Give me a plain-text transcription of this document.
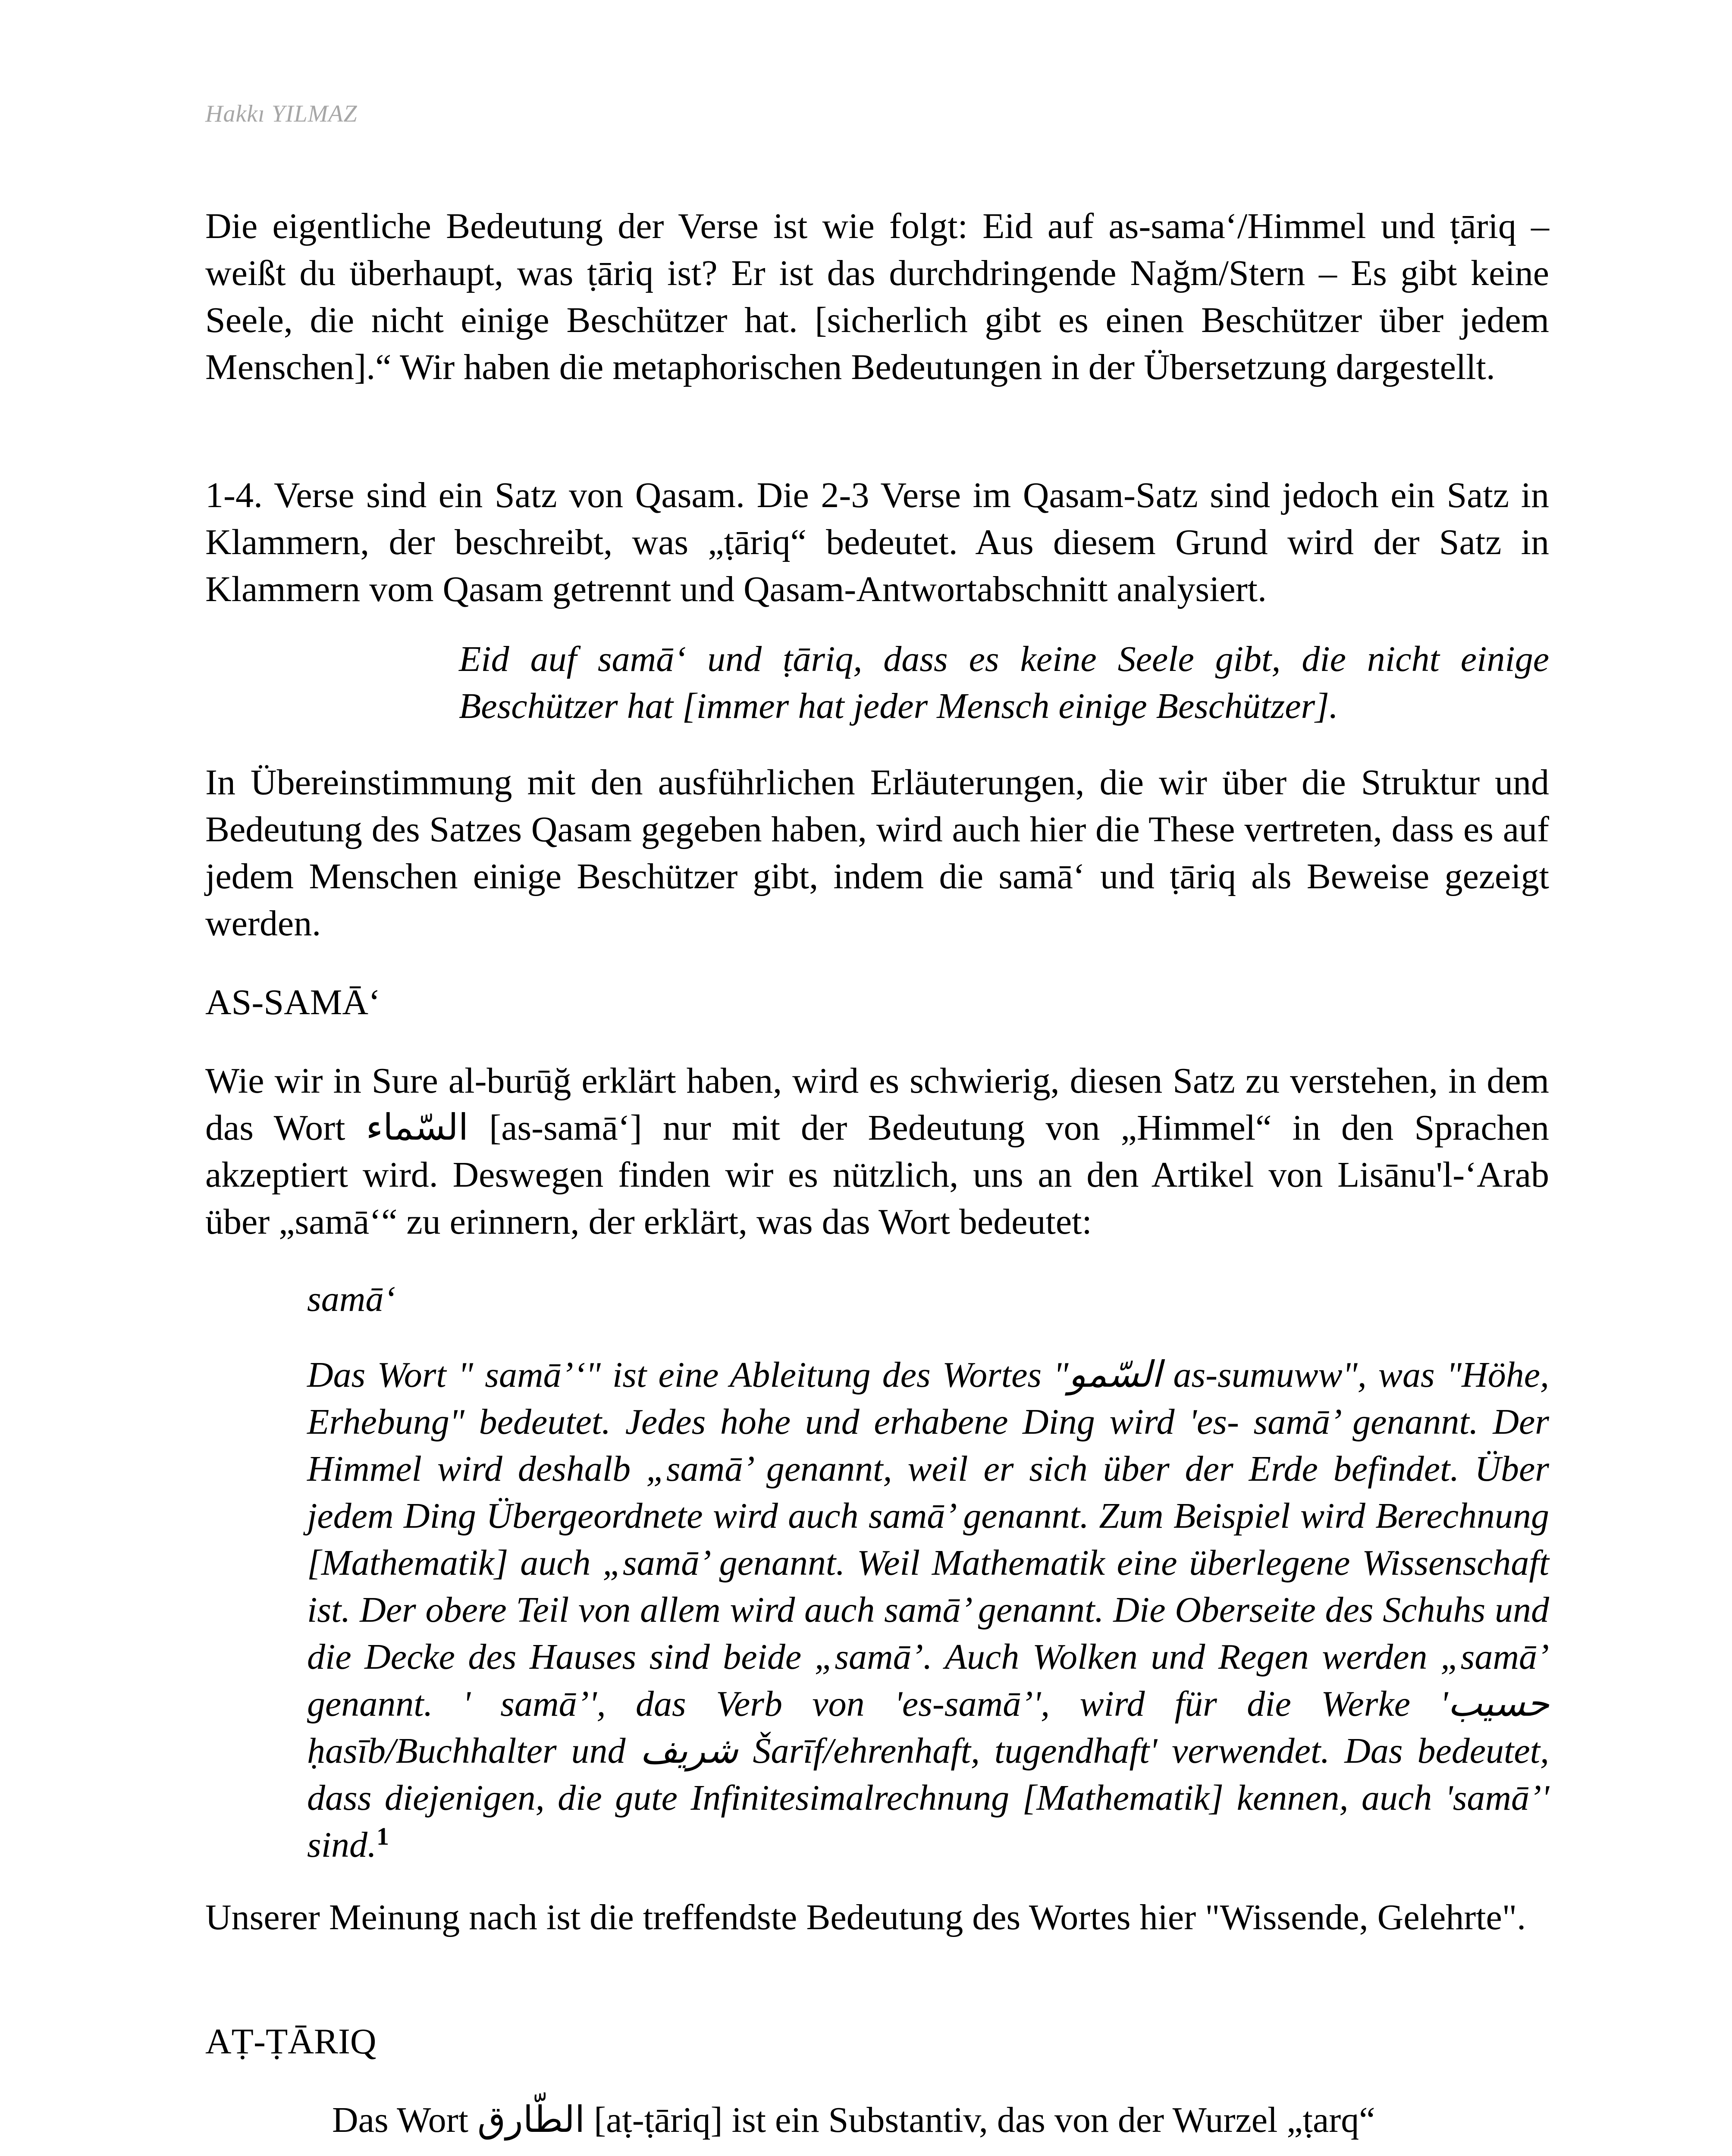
Hakkı YILMAZ

Die eigentliche Bedeutung der Verse ist wie folgt: Eid auf as-sama‘/Himmel und ṭāriq – weißt du überhaupt, was ṭāriq ist? Er ist das durchdringende Nağm/Stern – Es gibt keine Seele, die nicht einige Beschützer hat. [sicherlich gibt es einen Beschützer über jedem Menschen].“ Wir haben die metaphorischen Bedeutungen in der Übersetzung dargestellt.

1-4. Verse sind ein Satz von Qasam. Die 2-3 Verse im Qasam-Satz sind jedoch ein Satz in Klammern, der beschreibt, was „ṭāriq“ bedeutet. Aus diesem Grund wird der Satz in Klammern vom Qasam getrennt und Qasam-Antwortabschnitt analysiert.

Eid auf samā‘ und ṭāriq, dass es keine Seele gibt, die nicht einige Beschützer hat [immer hat jeder Mensch einige Beschützer].

In Übereinstimmung mit den ausführlichen Erläuterungen, die wir über die Struktur und Bedeutung des Satzes Qasam gegeben haben, wird auch hier die These vertreten, dass es auf jedem Menschen einige Beschützer gibt, indem die samā‘ und ṭāriq als Beweise gezeigt werden.

AS-SAMĀ‘

Wie wir in Sure al-burūğ erklärt haben, wird es schwierig, diesen Satz zu verstehen, in dem das Wort السّماء [as-samā‘] nur mit der Bedeutung von „Himmel“ in den Sprachen akzeptiert wird. Deswegen finden wir es nützlich, uns an den Artikel von Lisānu'l-‘Arab über „samā‘“ zu erinnern, der erklärt, was das Wort bedeutet:

samā‘

Das Wort " samā’‘" ist eine Ableitung des Wortes "السّمو as-sumuww", was "Höhe, Erhebung" bedeutet. Jedes hohe und erhabene Ding wird 'es- samā’ genannt. Der Himmel wird deshalb „samā’ genannt, weil er sich über der Erde befindet. Über jedem Ding Übergeordnete wird auch samā’ genannt. Zum Beispiel wird Berechnung [Mathematik] auch „samā’ genannt. Weil Mathematik eine überlegene Wissenschaft ist. Der obere Teil von allem wird auch samā’ genannt. Die Oberseite des Schuhs und die Decke des Hauses sind beide „samā’. Auch Wolken und Regen werden „samā’ genannt. ' samā’', das Verb von 'es-samā’', wird für die Werke 'حسيب ḥasīb/Buchhalter und شريف Šarīf/ehrenhaft, tugendhaft' verwendet. Das bedeutet, dass diejenigen, die gute Infinitesimalrechnung [Mathematik] kennen, auch 'samā’' sind.$^1$

Unserer Meinung nach ist die treffendste Bedeutung des Wortes hier "Wissende, Gelehrte".

AṬ-ṬĀRIQ
Das Wort الطّارق [aṭ-ṭāriq] ist ein Substantiv, das von der Wurzel „ṭarq“
